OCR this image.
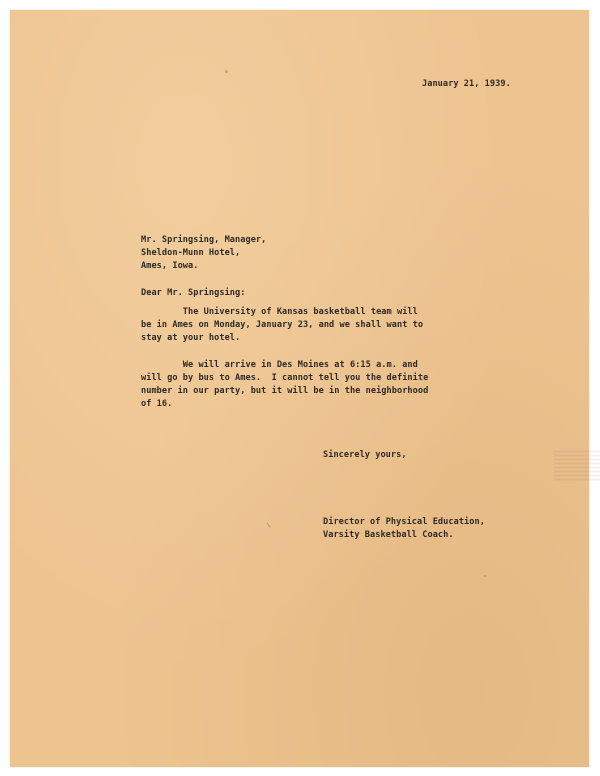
January 21, 1939.

Mr. Springsing, Manager,
Sheldon-Munn Hotel,
Ames, Iowa.

Dear Mr. Springsing:

The University of Kansas basketball team will
be in Ames on Monday, January 23, and we shall want to
stay at your hotel.
We will arrive in Des Moines at 6:15 a.m. and
will go by bus to Ames.  I cannot tell you the definite
number in our party, but it will be in the neighborhood
of 16.

Sincerely yours,

Director of Physical Education,
Varsity Basketball Coach.
